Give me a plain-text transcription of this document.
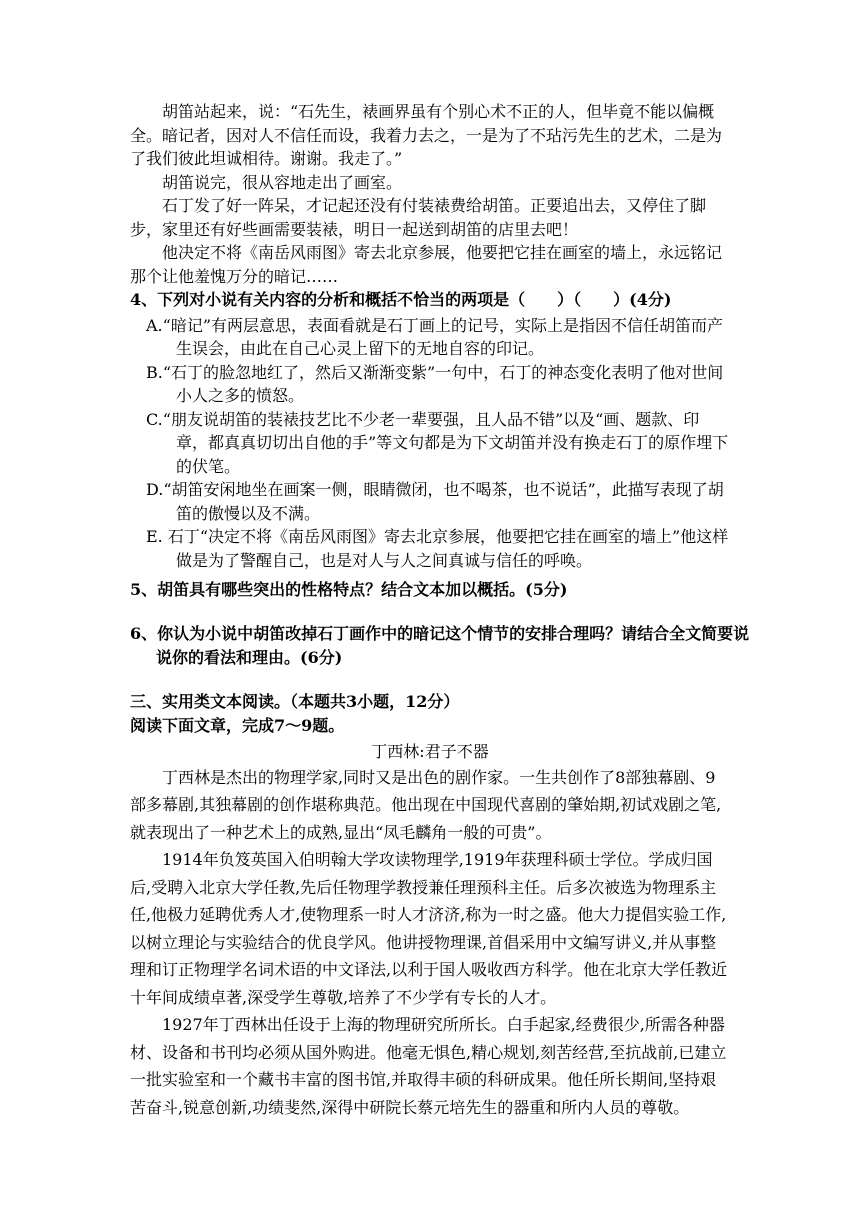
胡笛站起来，说：“石先生，裱画界虽有个别心术不正的人，但毕竟不能以偏概全。暗记者，因对人不信任而设，我着力去之，一是为了不玷污先生的艺术，二是为了我们彼此坦诚相待。谢谢。我走了。”
胡笛说完，很从容地走出了画室。
石丁发了好一阵呆，才记起还没有付装裱费给胡笛。正要追出去，又停住了脚步，家里还有好些画需要装裱，明日一起送到胡笛的店里去吧！
他决定不将《南岳风雨图》寄去北京参展，他要把它挂在画室的墙上，永远铭记那个让他羞愧万分的暗记……
4、下列对小说有关内容的分析和概括不恰当的两项是（　　）（　　）(4分)
A.“暗记”有两层意思，表面看就是石丁画上的记号，实际上是指因不信任胡笛而产生误会，由此在自己心灵上留下的无地自容的印记。
B.“石丁的脸忽地红了，然后又渐渐变紫”一句中，石丁的神态变化表明了他对世间小人之多的愤怒。
C.“朋友说胡笛的装裱技艺比不少老一辈要强，且人品不错”以及“画、题款、印章，都真真切切出自他的手”等文句都是为下文胡笛并没有换走石丁的原作埋下的伏笔。
D.“胡笛安闲地坐在画案一侧，眼睛微闭，也不喝茶，也不说话”，此描写表现了胡笛的傲慢以及不满。
E. 石丁“决定不将《南岳风雨图》寄去北京参展，他要把它挂在画室的墙上”他这样做是为了警醒自己，也是对人与人之间真诚与信任的呼唤。
5、胡笛具有哪些突出的性格特点？结合文本加以概括。(5分)
6、你认为小说中胡笛改掉石丁画作中的暗记这个情节的安排合理吗？请结合全文简要说说你的看法和理由。(6分)
三、实用类文本阅读。（本题共3小题，12分）
阅读下面文章，完成7～9题。
丁西林:君子不器
丁西林是杰出的物理学家,同时又是出色的剧作家。一生共创作了8部独幕剧、9部多幕剧,其独幕剧的创作堪称典范。他出现在中国现代喜剧的肇始期,初试戏剧之笔,就表现出了一种艺术上的成熟,显出“凤毛麟角一般的可贵”。
1914年负笈英国入伯明翰大学攻读物理学,1919年获理科硕士学位。学成归国后,受聘入北京大学任教,先后任物理学教授兼任理预科主任。后多次被选为物理系主任,他极力延聘优秀人才,使物理系一时人才济济,称为一时之盛。他大力提倡实验工作,以树立理论与实验结合的优良学风。他讲授物理课,首倡采用中文编写讲义,并从事整理和订正物理学名词术语的中文译法,以利于国人吸收西方科学。他在北京大学任教近十年间成绩卓著,深受学生尊敬,培养了不少学有专长的人才。
1927年丁西林出任设于上海的物理研究所所长。白手起家,经费很少,所需各种器材、设备和书刊均必须从国外购进。他毫无惧色,精心规划,刻苦经营,至抗战前,已建立一批实验室和一个藏书丰富的图书馆,并取得丰硕的科研成果。他任所长期间,坚持艰苦奋斗,锐意创新,功绩斐然,深得中研院长蔡元培先生的器重和所内人员的尊敬。
